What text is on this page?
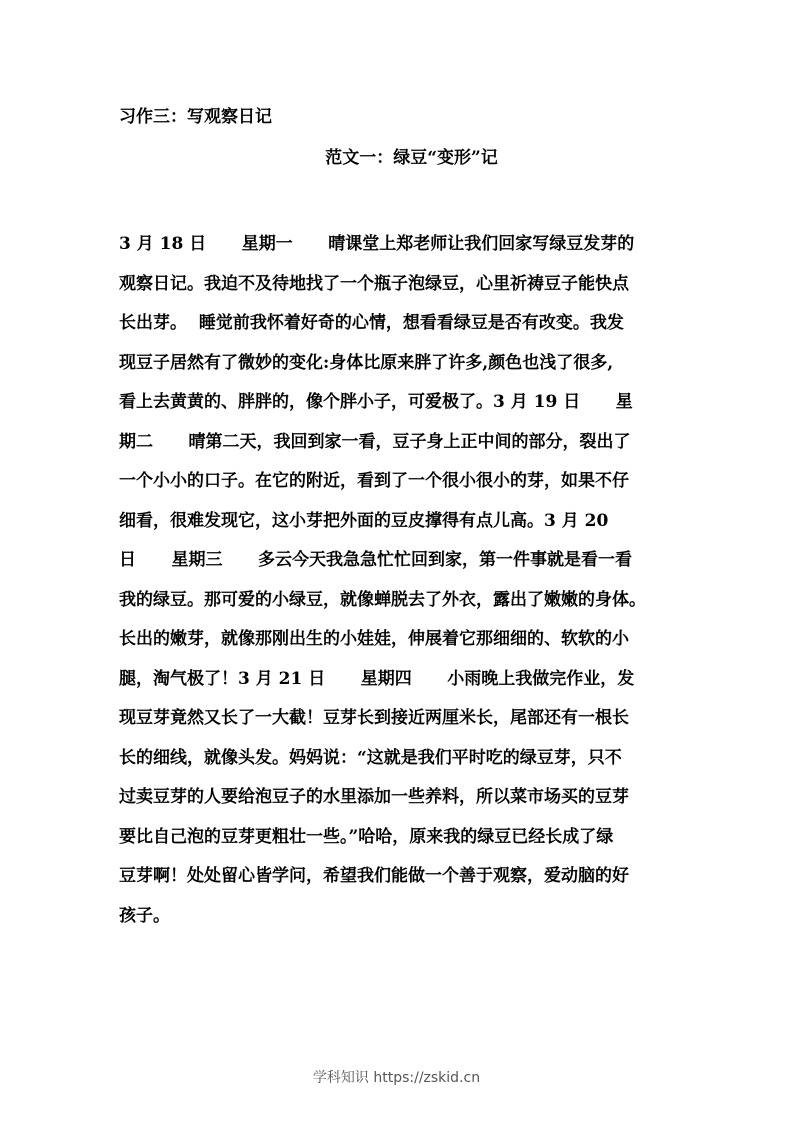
习作三：写观察日记
范文一：绿豆“变形”记
3 月 18 日      星期一      晴课堂上郑老师让我们回家写绿豆发芽的
观察日记。我迫不及待地找了一个瓶子泡绿豆，心里祈祷豆子能快点
长出芽。  睡觉前我怀着好奇的心情，想看看绿豆是否有改变。我发
现豆子居然有了微妙的变化:身体比原来胖了许多,颜色也浅了很多,
看上去黄黄的、胖胖的，像个胖小子，可爱极了。3 月 19 日      星
期二      晴第二天，我回到家一看，豆子身上正中间的部分，裂出了
一个小小的口子。在它的附近，看到了一个很小很小的芽，如果不仔
细看，很难发现它，这小芽把外面的豆皮撑得有点儿高。3 月 20
日      星期三      多云今天我急急忙忙回到家，第一件事就是看一看
我的绿豆。那可爱的小绿豆，就像蝉脱去了外衣，露出了嫩嫩的身体。
长出的嫩芽，就像那刚出生的小娃娃，伸展着它那细细的、软软的小
腿，淘气极了！3 月 21 日      星期四      小雨晚上我做完作业，发
现豆芽竟然又长了一大截！豆芽长到接近两厘米长，尾部还有一根长
长的细线，就像头发。妈妈说：“这就是我们平时吃的绿豆芽，只不
过卖豆芽的人要给泡豆子的水里添加一些养料，所以菜市场买的豆芽
要比自己泡的豆芽更粗壮一些。”哈哈，原来我的绿豆已经长成了绿
豆芽啊！处处留心皆学问，希望我们能做一个善于观察，爱动脑的好
孩子。
学科知识 https://zskid.cn
